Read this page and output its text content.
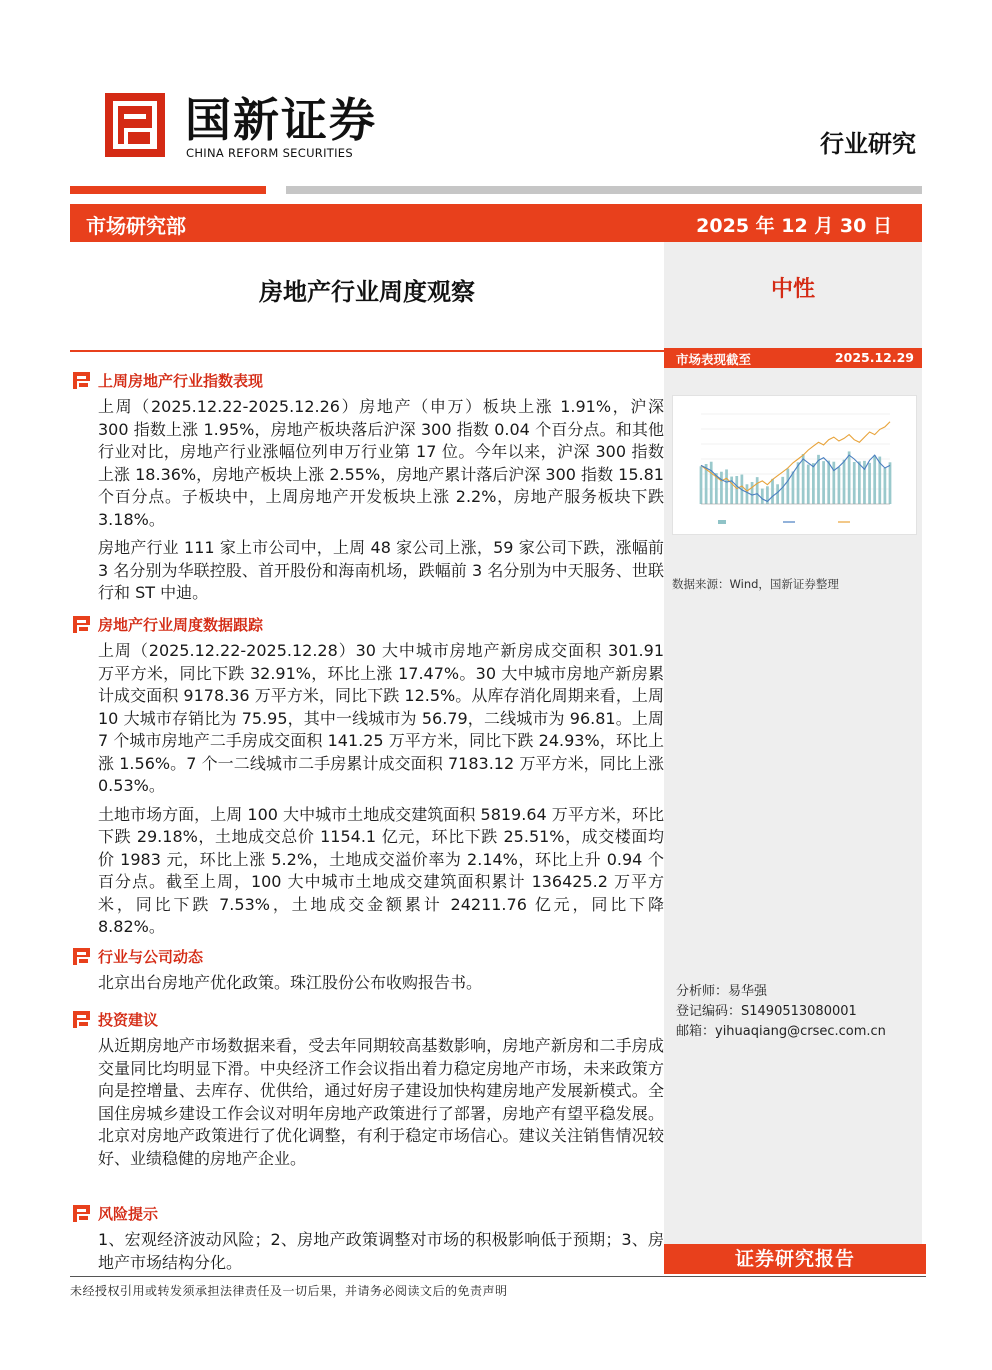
国新证券
CHINA REFORM SECURITIES	行业研究
市场研究部	2025 年 12 月 30 日
房地产行业周度观察	中性
市场表现截至	2025.12.29
数据来源：Wind，国新证券整理
分析师：易华强
登记编码：S1490513080001
邮箱：yihuaqiang@crsec.com.cn
上周房地产行业指数表现

上周（2025.12.22-2025.12.26）房地产（申万）板块上涨 1.91%，沪深 300 指数上涨 1.95%，房地产板块落后沪深 300 指数 0.04 个百分点。和其他行业对比，房地产行业涨幅位列申万行业第 17 位。今年以来，沪深 300 指数上涨 18.36%，房地产板块上涨 2.55%，房地产累计落后沪深 300 指数 15.81 个百分点。子板块中，上周房地产开发板块上涨 2.2%，房地产服务板块下跌 3.18%。

房地产行业 111 家上市公司中，上周 48 家公司上涨，59 家公司下跌，涨幅前 3 名分别为华联控股、首开股份和海南机场，跌幅前 3 名分别为中天服务、世联行和 ST 中迪。

房地产行业周度数据跟踪

上周（2025.12.22-2025.12.28）30 大中城市房地产新房成交面积 301.91 万平方米，同比下跌 32.91%，环比上涨 17.47%。30 大中城市房地产新房累计成交面积 9178.36 万平方米，同比下跌 12.5%。从库存消化周期来看，上周 10 大城市存销比为 75.95，其中一线城市为 56.79，二线城市为 96.81。上周 7 个城市房地产二手房成交面积 141.25 万平方米，同比下跌 24.93%，环比上涨 1.56%。7 个一二线城市二手房累计成交面积 7183.12 万平方米，同比上涨 0.53%。

土地市场方面，上周 100 大中城市土地成交建筑面积 5819.64 万平方米，环比下跌 29.18%，土地成交总价 1154.1 亿元，环比下跌 25.51%，成交楼面均价 1983 元，环比上涨 5.2%，土地成交溢价率为 2.14%，环比上升 0.94 个百分点。截至上周，100 大中城市土地成交建筑面积累计 136425.2 万平方米，同比下跌 7.53%，土地成交金额累计 24211.76 亿元，同比下降 8.82%。

行业与公司动态

北京出台房地产优化政策。珠江股份公布收购报告书。

投资建议

从近期房地产市场数据来看，受去年同期较高基数影响，房地产新房和二手房成交量同比均明显下滑。中央经济工作会议指出着力稳定房地产市场，未来政策方向是控增量、去库存、优供给，通过好房子建设加快构建房地产发展新模式。全国住房城乡建设工作会议对明年房地产政策进行了部署，房地产有望平稳发展。北京对房地产政策进行了优化调整，有利于稳定市场信心。建议关注销售情况较好、业绩稳健的房地产企业。

风险提示

1、宏观经济波动风险；2、房地产政策调整对市场的积极影响低于预期；3、房地产市场结构分化。	证券研究报告
未经授权引用或转发须承担法律责任及一切后果，并请务必阅读文后的免责声明
